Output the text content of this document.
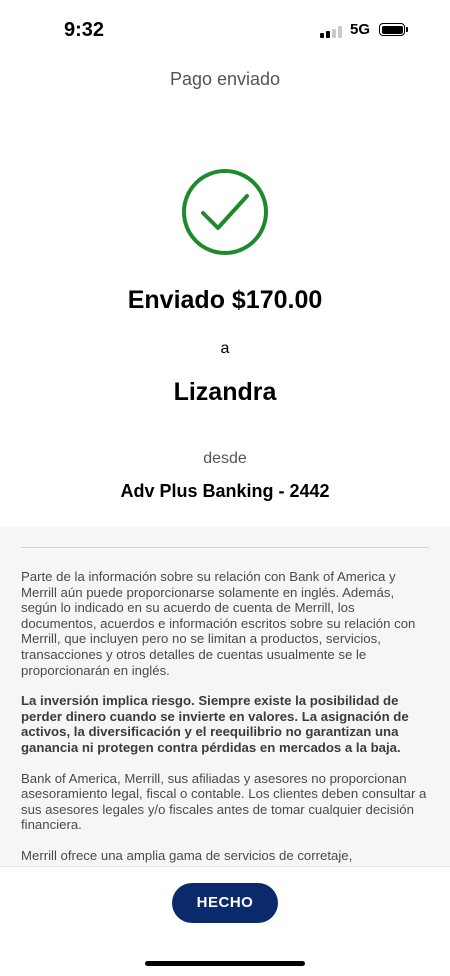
9:32	5G
Pago enviado
Enviado $170.00
a
Lizandra
desde
Adv Plus Banking - 2442

Parte de la información sobre su relación con Bank of America y Merrill aún puede proporcionarse solamente en inglés. Además, según lo indicado en su acuerdo de cuenta de Merrill, los documentos, acuerdos e información escritos sobre su relación con Merrill, que incluyen pero no se limitan a productos, servicios, transacciones y otros detalles de cuentas usualmente se le proporcionarán en inglés.

La inversión implica riesgo. Siempre existe la posibilidad de perder dinero cuando se invierte en valores. La asignación de activos, la diversificación y el reequilibrio no garantizan una ganancia ni protegen contra pérdidas en mercados a la baja.

Bank of America, Merrill, sus afiliadas y asesores no proporcionan asesoramiento legal, fiscal o contable. Los clientes deben consultar a sus asesores legales y/o fiscales antes de tomar cualquier decisión financiera.

Merrill ofrece una amplia gama de servicios de corretaje,

HECHO
